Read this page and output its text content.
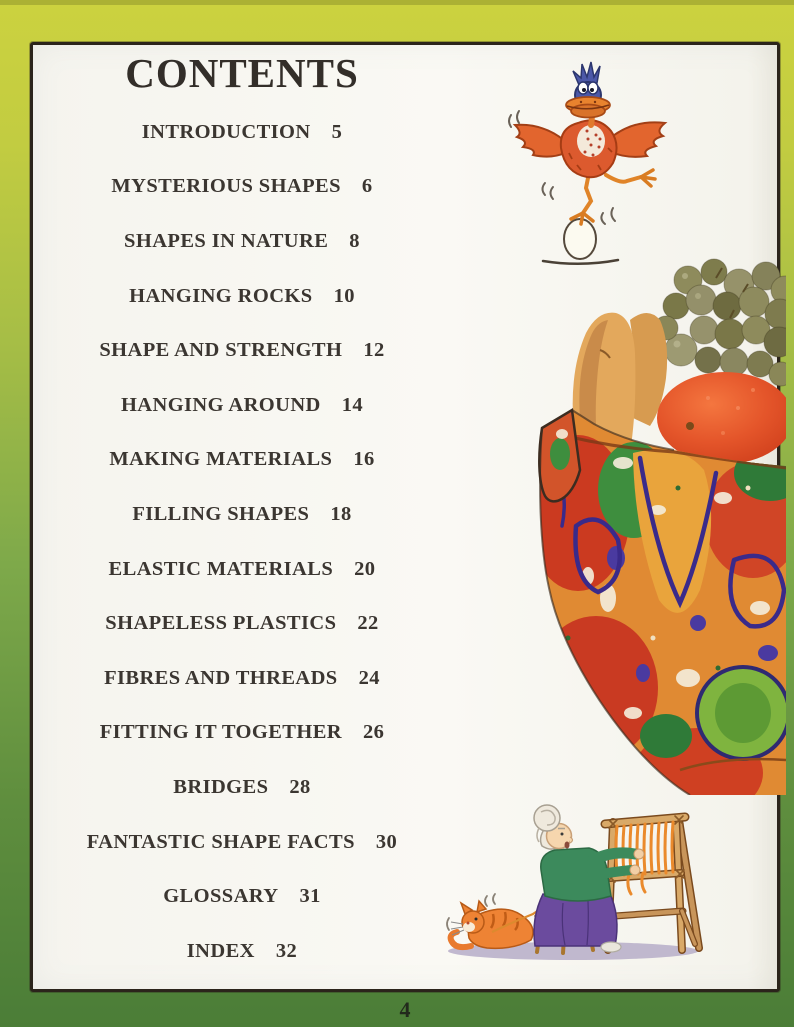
CONTENTS
INTRODUCTION 5
MYSTERIOUS SHAPES 6
SHAPES IN NATURE 8
HANGING ROCKS 10
SHAPE AND STRENGTH 12
HANGING AROUND 14
MAKING MATERIALS 16
FILLING SHAPES 18
ELASTIC MATERIALS 20
SHAPELESS PLASTICS 22
FIBRES AND THREADS 24
FITTING IT TOGETHER 26
BRIDGES 28
FANTASTIC SHAPE FACTS 30
GLOSSARY 31
INDEX 32
4
